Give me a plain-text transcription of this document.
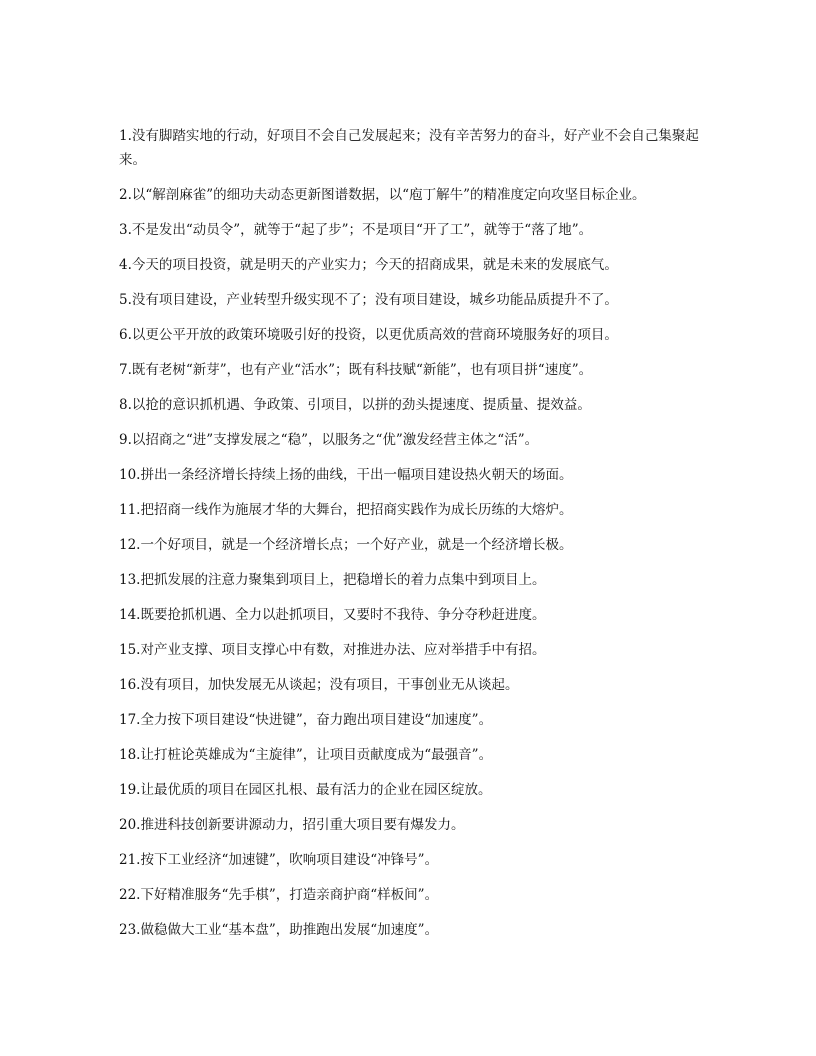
1.没有脚踏实地的行动，好项目不会自己发展起来；没有辛苦努力的奋斗，好产业不会自己集聚起来。

2.以“解剖麻雀”的细功夫动态更新图谱数据，以“庖丁解牛”的精准度定向攻坚目标企业。

3.不是发出“动员令”，就等于“起了步”；不是项目“开了工”，就等于“落了地”。

4.今天的项目投资，就是明天的产业实力；今天的招商成果，就是未来的发展底气。

5.没有项目建设，产业转型升级实现不了；没有项目建设，城乡功能品质提升不了。

6.以更公平开放的政策环境吸引好的投资，以更优质高效的营商环境服务好的项目。

7.既有老树“新芽”，也有产业“活水”；既有科技赋“新能”，也有项目拼“速度”。

8.以抢的意识抓机遇、争政策、引项目，以拼的劲头提速度、提质量、提效益。

9.以招商之“进”支撑发展之“稳”，以服务之“优”激发经营主体之“活”。

10.拼出一条经济增长持续上扬的曲线，干出一幅项目建设热火朝天的场面。

11.把招商一线作为施展才华的大舞台，把招商实践作为成长历练的大熔炉。

12.一个好项目，就是一个经济增长点；一个好产业，就是一个经济增长极。

13.把抓发展的注意力聚集到项目上，把稳增长的着力点集中到项目上。

14.既要抢抓机遇、全力以赴抓项目，又要时不我待、争分夺秒赶进度。

15.对产业支撑、项目支撑心中有数，对推进办法、应对举措手中有招。

16.没有项目，加快发展无从谈起；没有项目，干事创业无从谈起。

17.全力按下项目建设“快进键”，奋力跑出项目建设“加速度”。

18.让打桩论英雄成为“主旋律”，让项目贡献度成为“最强音”。

19.让最优质的项目在园区扎根、最有活力的企业在园区绽放。

20.推进科技创新要讲源动力，招引重大项目要有爆发力。

21.按下工业经济“加速键”，吹响项目建设“冲锋号”。

22.下好精准服务“先手棋”，打造亲商护商“样板间”。

23.做稳做大工业“基本盘”，助推跑出发展“加速度”。
